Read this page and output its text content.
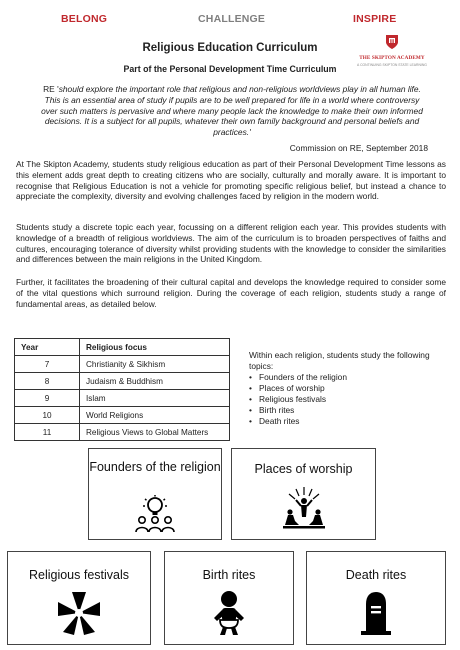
BELONG	CHALLENGE	INSPIRE
THE SKIPTON ACADEMY
A CONTINUING SKIPTON STATE LEARNING
Religious Education Curriculum
Part of the Personal Development Time Curriculum
RE 'should explore the important role that religious and non-religious worldviews play in all human life. This is an essential area of study if pupils are to be well prepared for life in a world where controversy over such matters is pervasive and where many people lack the knowledge to make their own informed decisions. It is a subject for all pupils, whatever their own family background and personal beliefs and practices.'
Commission on RE, September 2018
At The Skipton Academy, students study religious education as part of their Personal Development Time lessons as this element adds great depth to creating citizens who are socially, culturally and morally aware. It is important to recognise that Religious Education is not a vehicle for promoting specific religious belief, but instead a chance to appreciate the complexity, diversity and evolving challenges faced by religion in the modern world.
Students study a discrete topic each year, focussing on a different religion each year. This provides students with knowledge of a breadth of religious worldviews. The aim of the curriculum is to broaden perspectives of faiths and cultures, encouraging tolerance of diversity whilst providing students with the knowledge to consider the similarities and differences between the main religions in the United Kingdom.
Further, it facilitates the broadening of their cultural capital and develops the knowledge required to consider some of the vital questions which surround religion. During the coverage of each religion, students study a range of fundamental areas, as detailed below.
Year	Religious focus
7	Christianity & Sikhism
8	Judaism & Buddhism
9	Islam
10	World Religions
11	Religious Views to Global Matters
Within each religion, students study the following topics:
• Founders of the religion
• Places of worship
• Religious festivals
• Birth rites
• Death rites
Founders of the religion	Places of worship
Religious festivals	Birth rites	Death rites
